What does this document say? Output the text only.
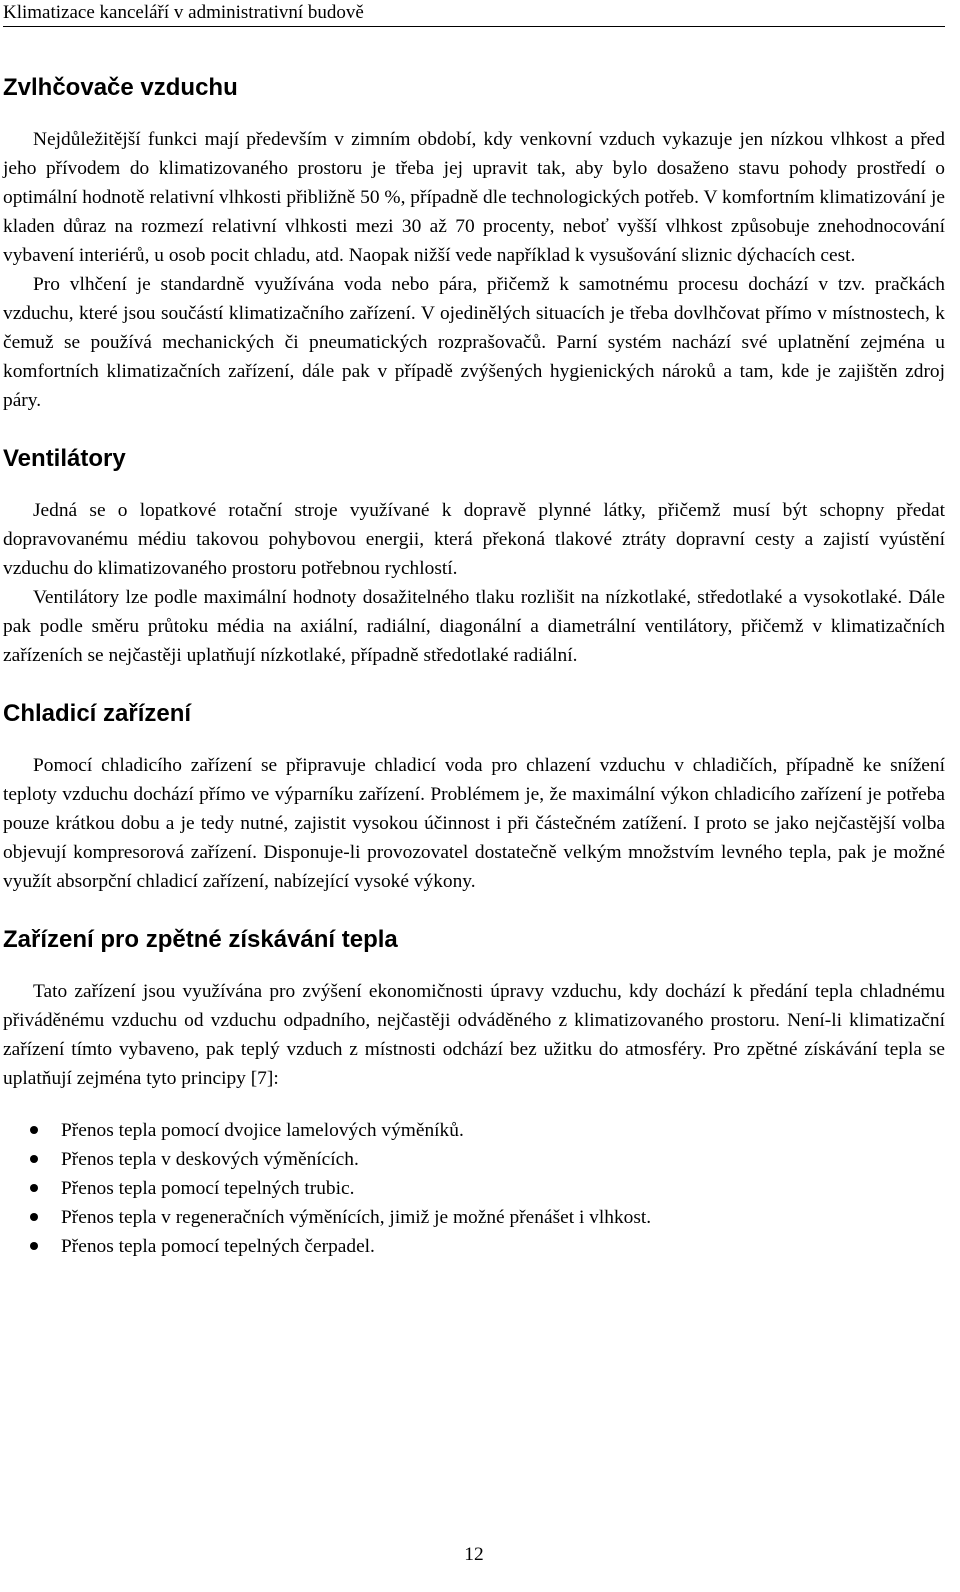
Klimatizace kanceláří v administrativní budově
Zvlhčovače vzduchu

Nejdůležitější funkci mají především v zimním období, kdy venkovní vzduch vykazuje jen nízkou vlhkost a před jeho přívodem do klimatizovaného prostoru je třeba jej upravit tak, aby bylo dosaženo stavu pohody prostředí o optimální hodnotě relativní vlhkosti přibližně 50 %, případně dle technologických potřeb. V komfortním klimatizování je kladen důraz na rozmezí relativní vlhkosti mezi 30 až 70 procenty, neboť vyšší vlhkost způsobuje znehodnocování vybavení interiérů, u osob pocit chladu, atd. Naopak nižší vede například k vysušování sliznic dýchacích cest.

Pro vlhčení je standardně využívána voda nebo pára, přičemž k samotnému procesu dochází v tzv. pračkách vzduchu, které jsou součástí klimatizačního zařízení. V ojedinělých situacích je třeba dovlhčovat přímo v místnostech, k čemuž se používá mechanických či pneumatických rozprašovačů. Parní systém nachází své uplatnění zejména u komfortních klimatizačních zařízení, dále pak v případě zvýšených hygienických nároků a tam, kde je zajištěn zdroj páry.

Ventilátory

Jedná se o lopatkové rotační stroje využívané k dopravě plynné látky, přičemž musí být schopny předat dopravovanému médiu takovou pohybovou energii, která překoná tlakové ztráty dopravní cesty a zajistí vyústění vzduchu do klimatizovaného prostoru potřebnou rychlostí.

Ventilátory lze podle maximální hodnoty dosažitelného tlaku rozlišit na nízkotlaké, středotlaké a vysokotlaké. Dále pak podle směru průtoku média na axiální, radiální, diagonální a diametrální ventilátory, přičemž v klimatizačních zařízeních se nejčastěji uplatňují nízkotlaké, případně středotlaké radiální.

Chladicí zařízení

Pomocí chladicího zařízení se připravuje chladicí voda pro chlazení vzduchu v chladičích, případně ke snížení teploty vzduchu dochází přímo ve výparníku zařízení. Problémem je, že maximální výkon chladicího zařízení je potřeba pouze krátkou dobu a je tedy nutné, zajistit vysokou účinnost i při částečném zatížení. I proto se jako nejčastější volba objevují kompresorová zařízení. Disponuje-li provozovatel dostatečně velkým množstvím levného tepla, pak je možné využít absorpční chladicí zařízení, nabízející vysoké výkony.

Zařízení pro zpětné získávání tepla

Tato zařízení jsou využívána pro zvýšení ekonomičnosti úpravy vzduchu, kdy dochází k předání tepla chladnému přiváděnému vzduchu od vzduchu odpadního, nejčastěji odváděného z klimatizovaného prostoru. Není-li klimatizační zařízení tímto vybaveno, pak teplý vzduch z místnosti odchází bez užitku do atmosféry. Pro zpětné získávání tepla se uplatňují zejména tyto principy [7]:

Přenos tepla pomocí dvojice lamelových výměníků.
Přenos tepla v deskových výměnících.
Přenos tepla pomocí tepelných trubic.
Přenos tepla v regeneračních výměnících, jimiž je možné přenášet i vlhkost.
Přenos tepla pomocí tepelných čerpadel.
12
